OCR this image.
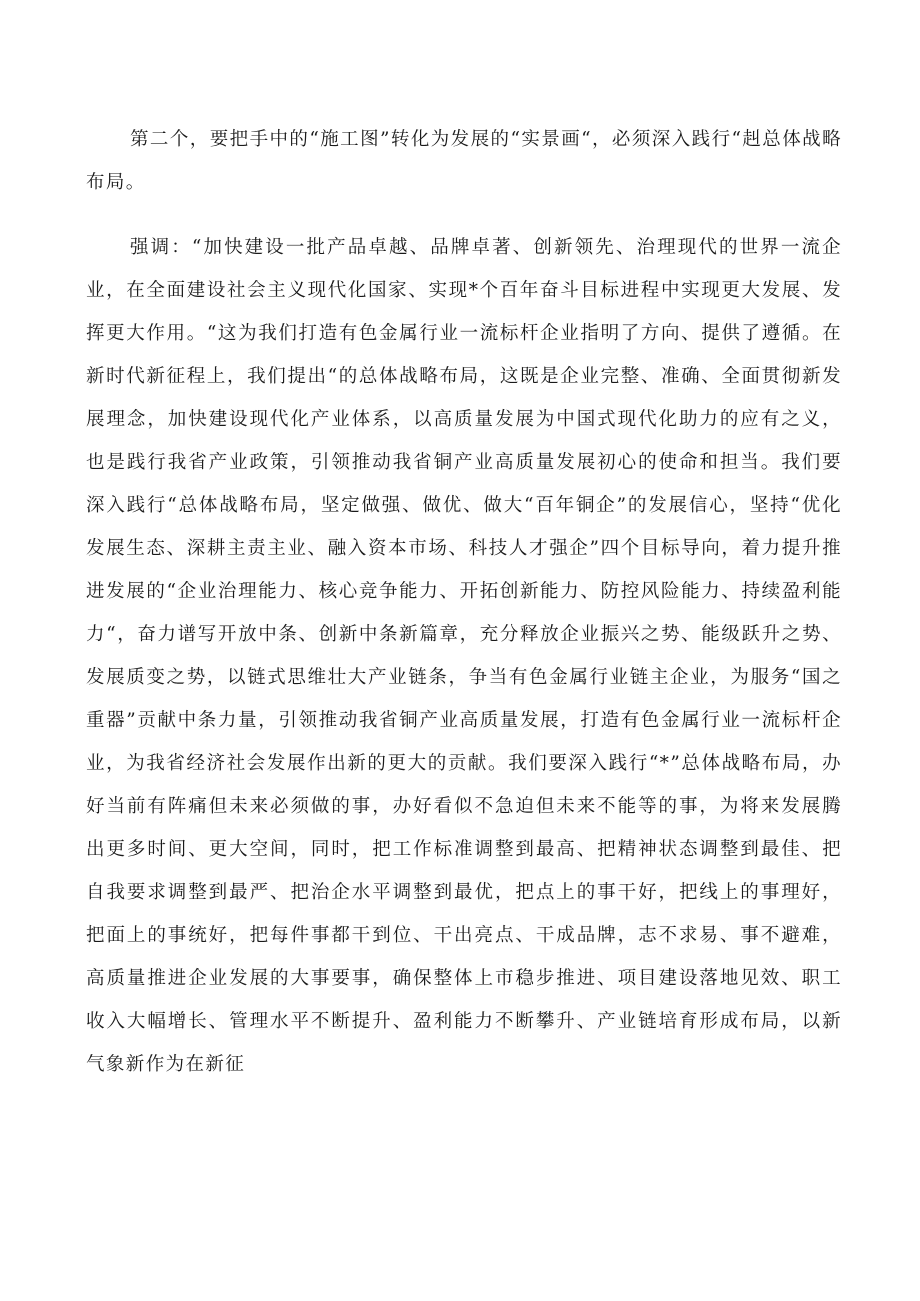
第二个，要把手中的“施工图”转化为发展的“实景画“，必须深入践行“赳总体战略布局。

强调：“加快建设一批产品卓越、品牌卓著、创新领先、治理现代的世界一流企业，在全面建设社会主义现代化国家、实现*个百年奋斗目标进程中实现更大发展、发挥更大作用。“这为我们打造有色金属行业一流标杆企业指明了方向、提供了遵循。在新时代新征程上，我们提出“的总体战略布局，这既是企业完整、准确、全面贯彻新发展理念，加快建设现代化产业体系，以高质量发展为中国式现代化助力的应有之义，也是践行我省产业政策，引领推动我省铜产业高质量发展初心的使命和担当。我们要深入践行“总体战略布局，坚定做强、做优、做大“百年铜企”的发展信心，坚持“优化发展生态、深耕主责主业、融入资本市场、科技人才强企”四个目标导向，着力提升推进发展的“企业治理能力、核心竞争能力、开拓创新能力、防控风险能力、持续盈利能力“，奋力谱写开放中条、创新中条新篇章，充分释放企业振兴之势、能级跃升之势、发展质变之势，以链式思维壮大产业链条，争当有色金属行业链主企业，为服务“国之重器”贡献中条力量，引领推动我省铜产业高质量发展，打造有色金属行业一流标杆企业，为我省经济社会发展作出新的更大的贡献。我们要深入践行“*”总体战略布局，办好当前有阵痛但未来必须做的事，办好看似不急迫但未来不能等的事，为将来发展腾出更多时间、更大空间，同时，把工作标准调整到最高、把精神状态调整到最佳、把自我要求调整到最严、把治企水平调整到最优，把点上的事干好，把线上的事理好，把面上的事统好，把每件事都干到位、干出亮点、干成品牌，志不求易、事不避难，高质量推进企业发展的大事要事，确保整体上市稳步推进、项目建设落地见效、职工收入大幅增长、管理水平不断提升、盈利能力不断攀升、产业链培育形成布局，以新气象新作为在新征
